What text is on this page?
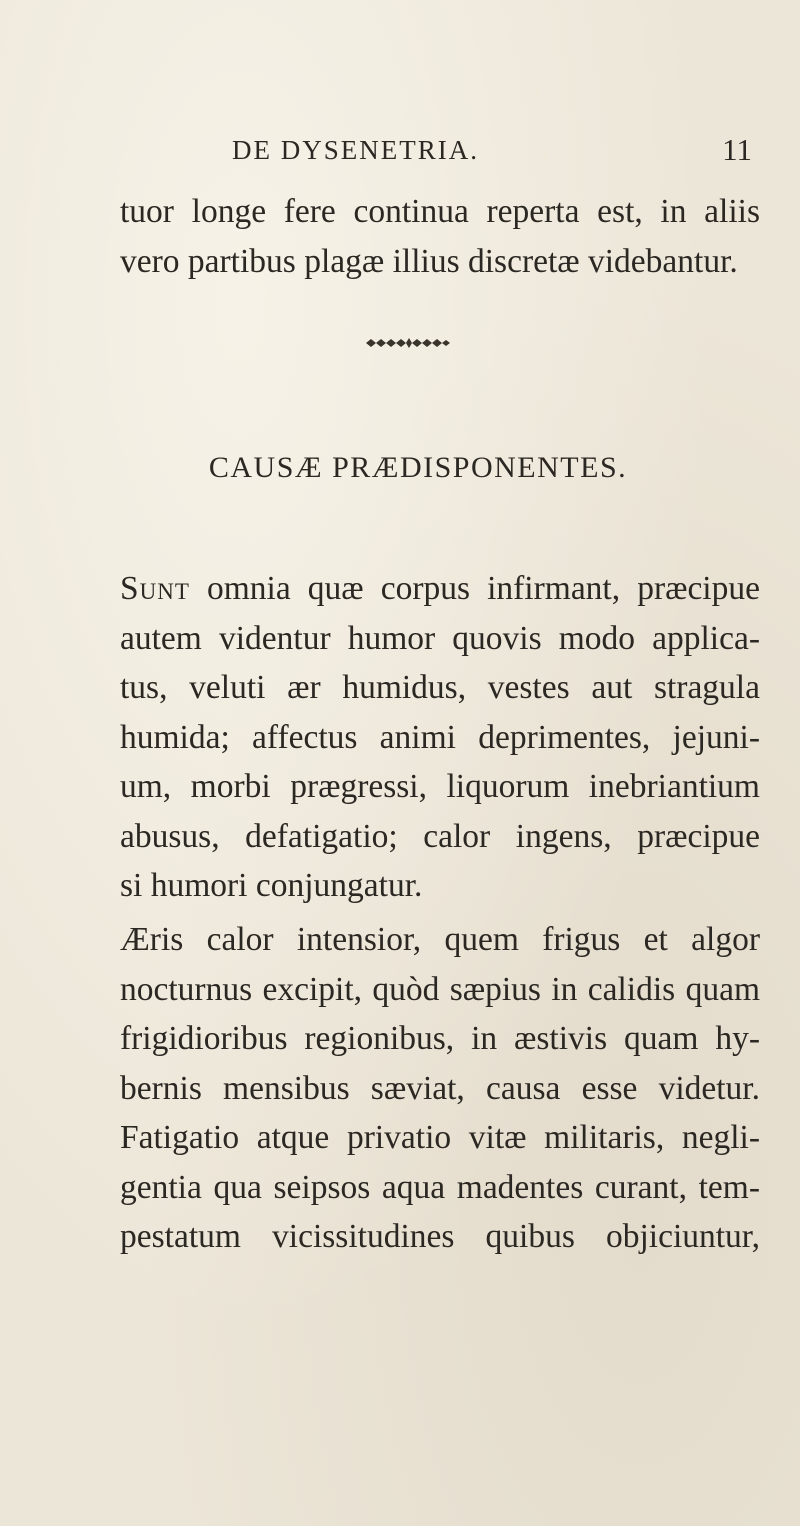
DE DYSENETRIA.	11

tuor longe fere continua reperta est, in aliis
vero partibus plagæ illius discretæ videbantur.

CAUSÆ PRÆDISPONENTES.

Sunt omnia quæ corpus infirmant, præcipue
autem videntur humor quovis modo applica-
tus, veluti ær humidus, vestes aut stragula
humida; affectus animi deprimentes, jejuni-
um, morbi prægressi, liquorum inebriantium
abusus, defatigatio; calor ingens, præcipue
si humori conjungatur.

Æris calor intensior, quem frigus et algor
nocturnus excipit, quòd sæpius in calidis quam
frigidioribus regionibus, in æstivis quam hy-
bernis mensibus sæviat, causa esse videtur.
Fatigatio atque privatio vitæ militaris, negli-
gentia qua seipsos aqua madentes curant, tem-
pestatum vicissitudines quibus objiciuntur,
